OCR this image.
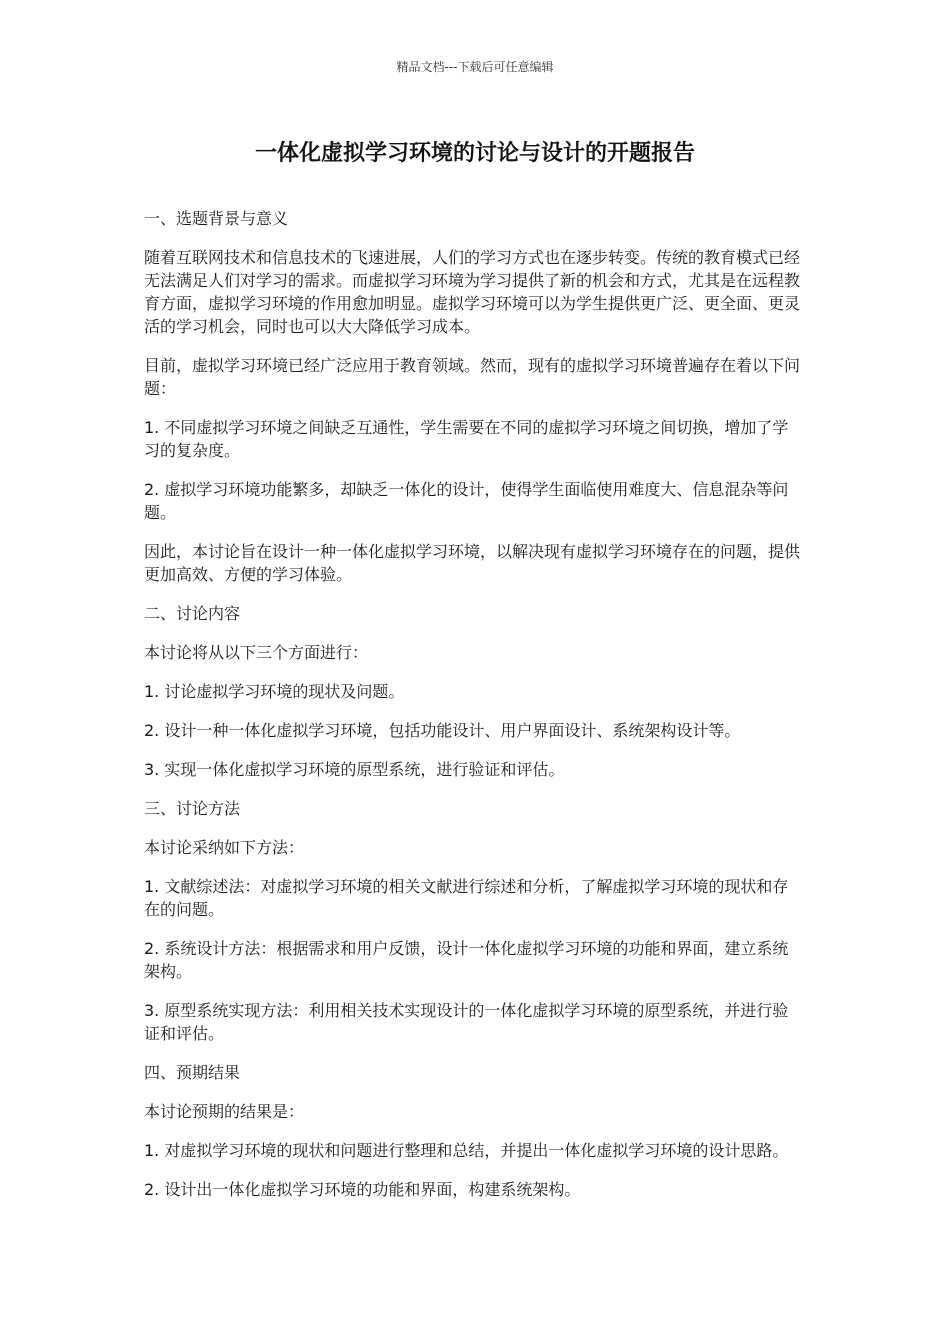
精品文档---下载后可任意编辑
一体化虚拟学习环境的讨论与设计的开题报告

一、选题背景与意义

随着互联网技术和信息技术的飞速进展，人们的学习方式也在逐步转变。传统的教育模式已经无法满足人们对学习的需求。而虚拟学习环境为学习提供了新的机会和方式，尤其是在远程教育方面，虚拟学习环境的作用愈加明显。虚拟学习环境可以为学生提供更广泛、更全面、更灵活的学习机会，同时也可以大大降低学习成本。

目前，虚拟学习环境已经广泛应用于教育领域。然而，现有的虚拟学习环境普遍存在着以下问题：

1. 不同虚拟学习环境之间缺乏互通性，学生需要在不同的虚拟学习环境之间切换，增加了学习的复杂度。

2. 虚拟学习环境功能繁多，却缺乏一体化的设计，使得学生面临使用难度大、信息混杂等问题。

因此，本讨论旨在设计一种一体化虚拟学习环境，以解决现有虚拟学习环境存在的问题，提供更加高效、方便的学习体验。

二、讨论内容

本讨论将从以下三个方面进行：

1. 讨论虚拟学习环境的现状及问题。

2. 设计一种一体化虚拟学习环境，包括功能设计、用户界面设计、系统架构设计等。

3. 实现一体化虚拟学习环境的原型系统，进行验证和评估。

三、讨论方法

本讨论采纳如下方法：

1. 文献综述法：对虚拟学习环境的相关文献进行综述和分析，了解虚拟学习环境的现状和存在的问题。

2. 系统设计方法：根据需求和用户反馈，设计一体化虚拟学习环境的功能和界面，建立系统架构。

3. 原型系统实现方法：利用相关技术实现设计的一体化虚拟学习环境的原型系统，并进行验证和评估。

四、预期结果

本讨论预期的结果是：

1. 对虚拟学习环境的现状和问题进行整理和总结，并提出一体化虚拟学习环境的设计思路。

2. 设计出一体化虚拟学习环境的功能和界面，构建系统架构。
